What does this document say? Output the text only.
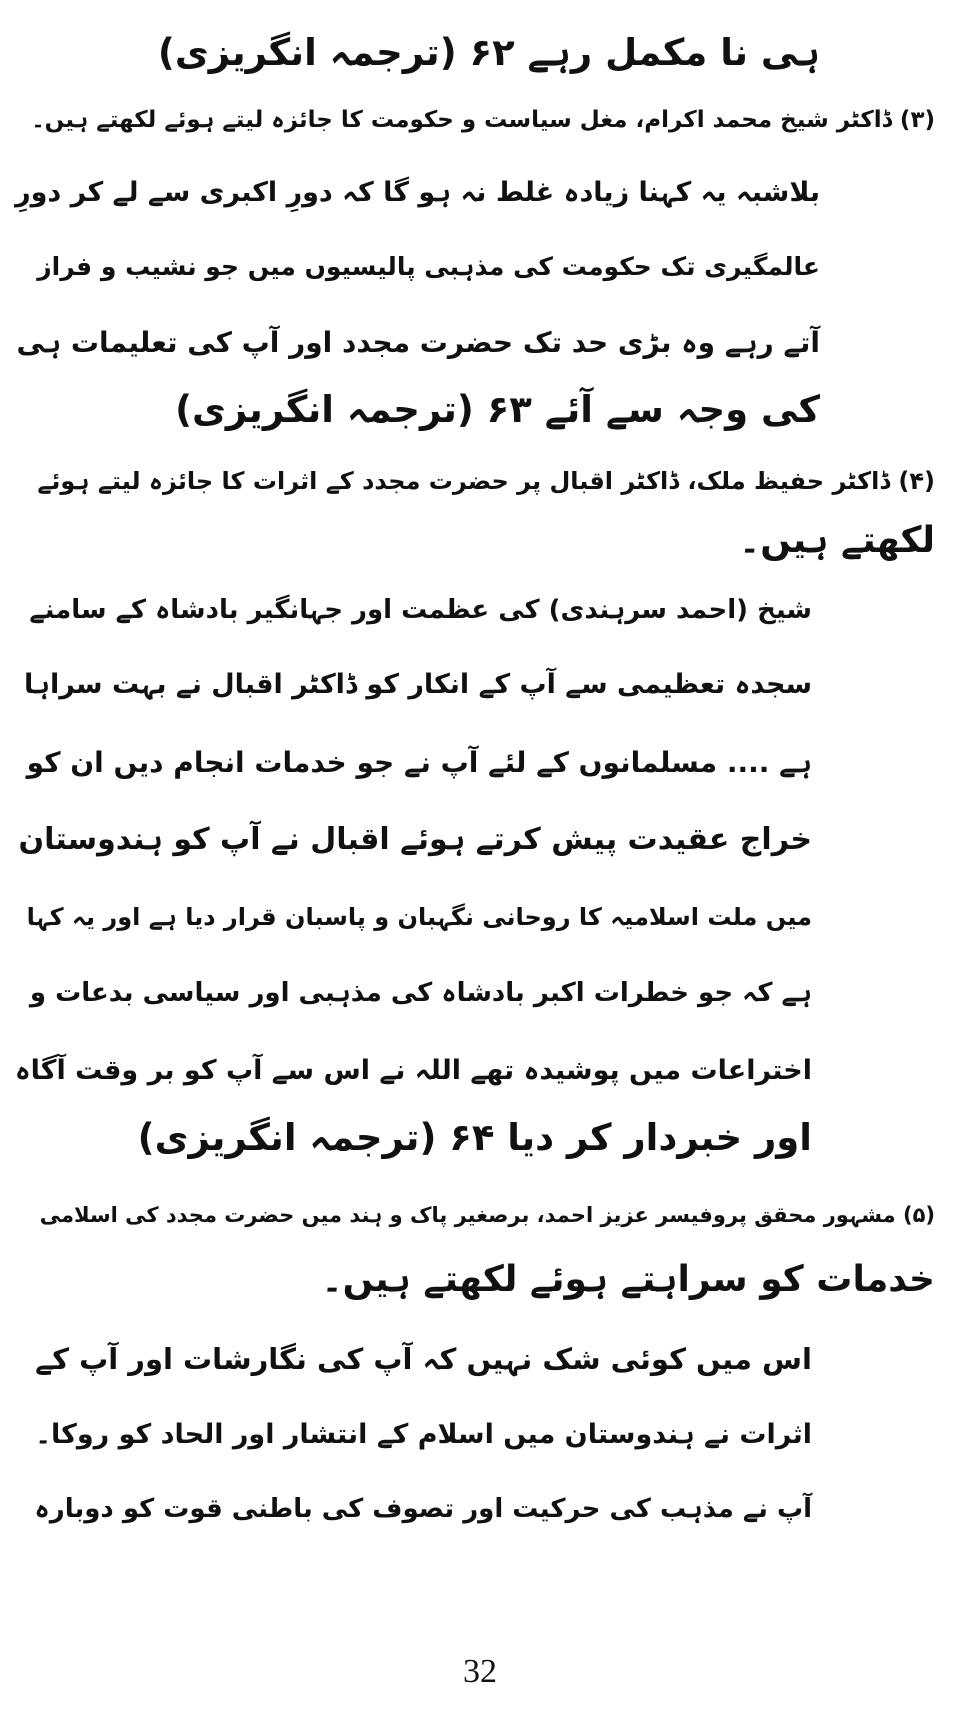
ہی نا مکمل رہے ۶۲ (ترجمہ انگریزی)
(۳) ڈاکٹر شیخ محمد اکرام، مغل سیاست و حکومت کا جائزہ لیتے ہوئے لکھتے ہیں۔
بلاشبہ یہ کہنا زیادہ غلط نہ ہو گا کہ دورِ اکبری سے لے کر دورِ
عالمگیری تک حکومت کی مذہبی پالیسیوں میں جو نشیب و فراز
آتے رہے وہ بڑی حد تک حضرت مجدد اور آپ کی تعلیمات ہی
کی وجہ سے آئے ۶۳ (ترجمہ انگریزی)
(۴) ڈاکٹر حفیظ ملک، ڈاکٹر اقبال پر حضرت مجدد کے اثرات کا جائزہ لیتے ہوئے
لکھتے ہیں۔
شیخ (احمد سرہندی) کی عظمت اور جہانگیر بادشاہ کے سامنے
سجدہ تعظیمی سے آپ کے انکار کو ڈاکٹر اقبال نے بہت سراہا
ہے .... مسلمانوں کے لئے آپ نے جو خدمات انجام دیں ان کو
خراج عقیدت پیش کرتے ہوئے اقبال نے آپ کو ہندوستان
میں ملت اسلامیہ کا روحانی نگہبان و پاسبان قرار دیا ہے اور یہ کہا
ہے کہ جو خطرات اکبر بادشاہ کی مذہبی اور سیاسی بدعات و
اختراعات میں پوشیدہ تھے اللہ نے اس سے آپ کو بر وقت آگاہ
اور خبردار کر دیا ۶۴ (ترجمہ انگریزی)
(۵) مشہور محقق پروفیسر عزیز احمد، برصغیر پاک و ہند میں حضرت مجدد کی اسلامی
خدمات کو سراہتے ہوئے لکھتے ہیں۔
اس میں کوئی شک نہیں کہ آپ کی نگارشات اور آپ کے
اثرات نے ہندوستان میں اسلام کے انتشار اور الحاد کو روکا۔
آپ نے مذہب کی حرکیت اور تصوف کی باطنی قوت کو دوبارہ
32
